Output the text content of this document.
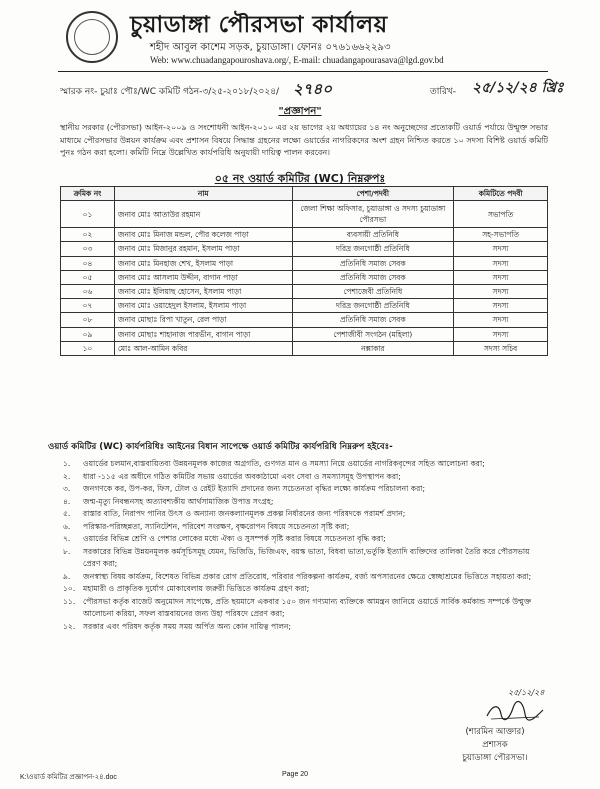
চুয়াডাঙ্গা পৌরসভা কার্যালয়
শহীদ আবুল কাশেম সড়ক, চুয়াডাঙ্গা। ফোনঃ ০৭৬১৬৬২২৯৩
Web: www.chuadangapouroshava.org/, E-mail: chuadangapourasava@lgd.gov.bd
স্মারক নং- চুয়াঃ পৌঃ/WC কমিটি গঠন-৩/২৫-২০১৮/২০২৪/ ২৭৪০	তারিখ- ২৫/১২/২৪ খ্রিঃ
"প্রজ্ঞাপন"
স্থানীয় সরকার (পৌরসভা) আইন-২০০৯ ও সংশোধনী আইন-২০১০ এর ২য় ভাগের ২য় অধ্যায়ের ১৪ নং অনুচ্ছেদের প্রত্যেকটি ওয়ার্ড পর্যায়ে উন্মুক্ত সভার মাধ্যমে পৌরসভার উন্নয়ন কার্যক্রম এবং প্রশাসন বিষয়ে সিদ্ধান্ত গ্রহনের লক্ষ্যে ওয়ার্ডের নাগরিকদের অংশ গ্রহন নিশ্চিত করতে ১০ সদস্য বিশিষ্ট ওয়ার্ড কমিটি পুনঃ গঠন করা হলো। কমিটি নিম্নে উল্লেখিত কার্যপরিধি অনুযায়ী দায়িত্ব পালন করবেন।
০৫ নং ওয়ার্ড কমিটির (WC) নিম্নরুপঃ
ক্রমিক নং	নাম	পেশা/পদবী	কমিটিতে পদবী
০১	জনাব মোঃ আতাউর রহমান	জেলা শিক্ষা অফিসার, চুয়াডাঙ্গা ও সদস্য চুয়াডাঙ্গা পৌরসভা	সভাপতি
০২	জনাব মোঃ মিনাজ মন্ডল, পৌর কলেজ পাড়া	ব্যবসায়ী প্রতিনিধি	সহ-সভাপতি
০৩	জনাব মোঃ মিজানুর রহমান, ইসলাম পাড়া	দরিদ্র জনগোষ্ঠী প্রতিনিধি	সদস্য
০৪	জনাব মোঃ মিনহাজ শেখ, ইসলাম পাড়া	প্রতিনিধি সমাজ সেবক	সদস্য
০৫	জনাব মোঃ আসলাম উদ্দীন, বাগান পাড়া	প্রতিনিধি সমাজ সেবক	সদস্য
০৬	জনাব মোঃ ইলিয়াছ হোসেন, ইসলাম পাড়া	পেশাজেবী প্রতিনিধি	সদস্য
০৭	জনাব মোঃ ওয়াহেদুল ইসলাম, ইসলাম পাড়া	দরিদ্র জনগোষ্ঠী প্রতিনিধি	সদস্য
০৮	জনাব মোছাঃ রিপা খাতুন, রেল পাড়া	প্রতিনিধি সমাজ সেবক	সদস্য
০৯	জনাব মোছাঃ শাহানাজ পারভীন, বাগান পাড়া	পেশাজীবী সংগঠন (মহিলা)	সদস্য
১০	মোঃ আল-আমিন কবির	নক্সাকার	সদস্য সচিব
ওয়ার্ড কমিটির (WC) কার্যপরিধিঃ আইনের বিধান সাপেক্ষে ওয়ার্ড কমিটির কার্যপরিধি নিম্নরুপ হইবেঃ-
১.	ওয়ার্ডের চলমান,বাস্তবায়িতব্য উন্নয়নমূলক কাজের অগ্রগতি, গুণগত মান ও সমস্যা নিয়ে ওয়ার্ডের নাগরিকবৃন্দের সহিত আলোচনা করা;
২.	ধারা -১১৫ এর অধীনে গঠিত কমিটির সভায় ওয়ার্ডের অবকাঠামো এবং সেবা ও সমস্যাসমূহ উপস্থাপন করা;
৩.	জনগণকে কর, উপ-কর, ফিস, টোল ও রেইট ইত্যাদি প্রদানের জন্য সচেতনতা বৃদ্ধির লক্ষ্যে কার্যক্রম পরিচালনা করা;
৪.	জন্ম-মৃত্যু নিবন্ধনসহ অত্যাবশ্যকীয় আর্থসামাজিক উপাত্ত সংগ্রহ;
৫.	রাস্তার বাতি, নিরাপদ পানির উৎস ও অন্যান্য জনকল্যানমূলক প্রকল্প নির্ধারনের জন্য পরিষদকে পরামর্শ প্রদান;
৬.	পরিস্কার-পরিচ্ছন্নতা, স্যানিটেশন, পরিবেশ সংরক্ষণ, বৃক্ষরোপন বিষয়ে সচেতনতা সৃষ্টি করা;
৭.	ওয়ার্ডের বিভিন্ন শ্রেণি ও পেশার লোকের মধ্যে ঐক্য ও সুসম্পর্ক সৃষ্টি করার বিষয়ে সচেতনতা বৃদ্ধি করা;
৮.	সরকারের বিভিন্ন উন্নয়নমূলক কর্মসূচিসমূহ যেমন, ভিজিডি, ভিজিএফ, বয়স্ক ভাতা, বিধবা ভাতা,ভর্তুকি ইত্যাদি ব্যক্তিদের তালিকা তৈরি করে পৌরসভায় প্রেরণ করা;
৯.	জনস্বাস্থ্য বিষয় কার্যক্রম, বিশেষত বিভিন্ন প্রকার রোগ প্রতিরোধ, পরিবার পরিকল্পনা কার্যক্রম, বর্জ্য অপসারনের ক্ষেত্রে স্বেচ্ছাশ্রমের ভিত্তিতে সহায়তা করা;
১০.	মহামারী ও প্রাকৃতিক দুর্যোগ মোকাবেলায় জরুরী ভিত্তিতে কার্যক্রম গ্রহণ করা;
১১.	পৌরসভা কর্তৃক বাজেট অনুমোদন সাপেক্ষে, প্রতি ছয়মাসে একবার ১৫০ জন গণ্যমান্য ব্যক্তিকে আমন্ত্রন জানিয়ে ওয়ার্ডে সার্বিক কর্মকান্ড সম্পর্কে উন্মুক্ত আলোচনা করিয়া, সফল বাস্তবায়নের জন্য উহা পরিষদে প্রেরণ করা;
১২.	সরকার এবং পরিষদ কর্তৃক সময় সময় অর্পিত অন্য কোন দায়িত্ব পালন;
২৫/১২/২৪
(শারমিন আক্তার)
প্রশাসক
চুয়াডাঙ্গা পৌরসভা।
K:\ওয়ার্ড কমিটির প্রজ্ঞাপন-২৪.doc	Page 20
